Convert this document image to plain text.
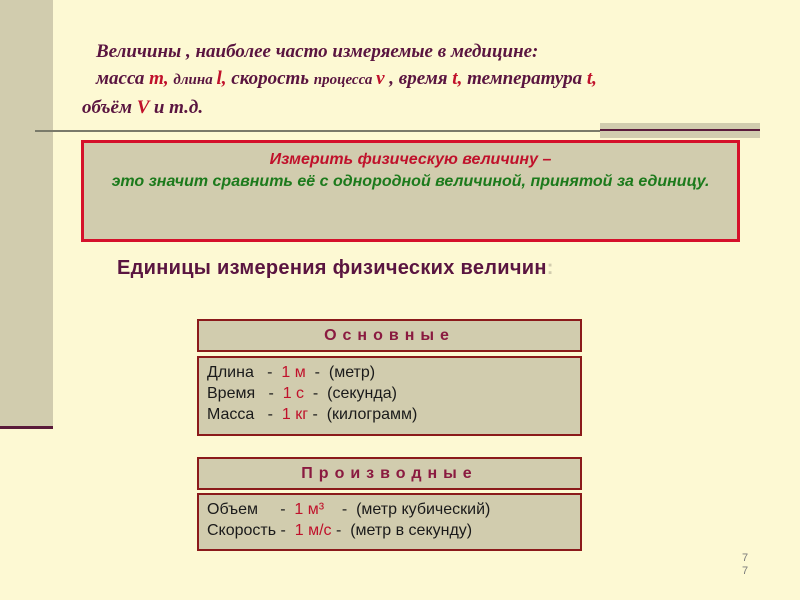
Величины , наиболее часто измеряемые в медицине:
масса m, длина l, скорость процесса v , время t, температура t,
объём V и т.д.
Измерить физическую величину –
это значит сравнить её с однородной величиной, принятой за единицу.
Единицы измерения физических величин:
Основные
Длина   -  1 м  -  (метр)
Время   -  1 с  -  (секунда)
Масса   -  1 кг -  (килограмм)
Производные
Объем     -  1 м³    -  (метр кубический)
Скорость -  1 м/с -  (метр в секунду)
7
7
